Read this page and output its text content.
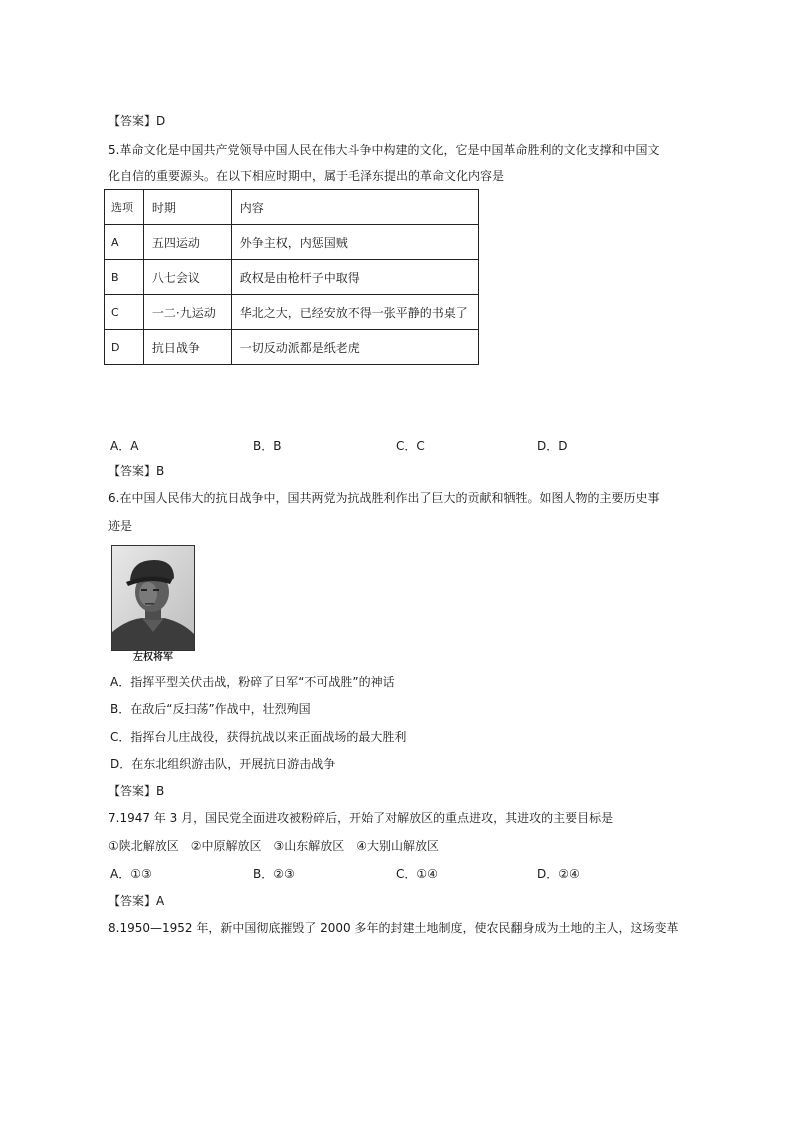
【答案】D
5.革命文化是中国共产党领导中国人民在伟大斗争中构建的文化，它是中国革命胜利的文化支撑和中国文
化自信的重要源头。在以下相应时期中，属于毛泽东提出的革命文化内容是
选项	时期	内容
A	五四运动	外争主权，内惩国贼
B	八七会议	政权是由枪杆子中取得
C	一二·九运动	华北之大，已经安放不得一张平静的书桌了
D	抗日战争	一切反动派都是纸老虎
A．A	B．B	C．C	D．D
【答案】B
6.在中国人民伟大的抗日战争中，国共两党为抗战胜利作出了巨大的贡献和牺牲。如图人物的主要历史事
迹是
左权将军
A．指挥平型关伏击战，粉碎了日军“不可战胜”的神话
B．在敌后“反扫荡”作战中，壮烈殉国
C．指挥台儿庄战役，获得抗战以来正面战场的最大胜利
D．在东北组织游击队，开展抗日游击战争
【答案】B
7.1947 年 3 月，国民党全面进攻被粉碎后，开始了对解放区的重点进攻，其进攻的主要目标是
①陕北解放区　②中原解放区　③山东解放区　④大别山解放区
A．①③	B．②③	C．①④	D．②④
【答案】A
8.1950—1952 年，新中国彻底摧毁了 2000 多年的封建土地制度，使农民翻身成为土地的主人，这场变革
